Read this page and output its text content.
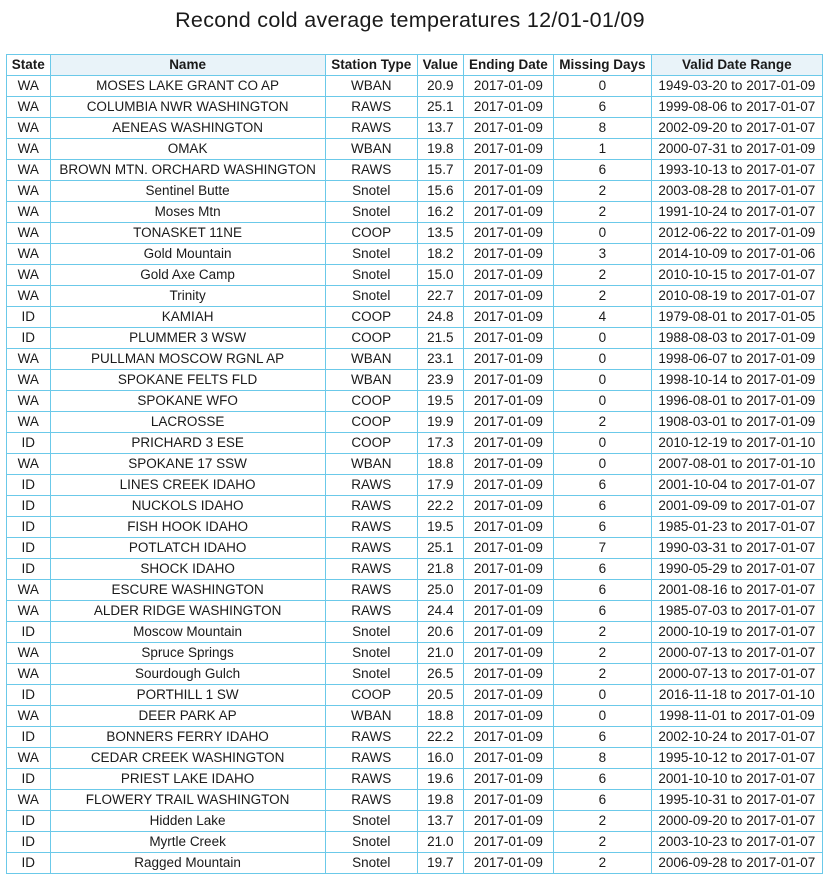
Recond cold average temperatures 12/01-01/09
State	Name	Station Type	Value	Ending Date	Missing Days	Valid Date Range
WA	MOSES LAKE GRANT CO AP	WBAN	20.9	2017-01-09	0	1949-03-20 to 2017-01-09
WA	COLUMBIA NWR WASHINGTON	RAWS	25.1	2017-01-09	6	1999-08-06 to 2017-01-07
WA	AENEAS WASHINGTON	RAWS	13.7	2017-01-09	8	2002-09-20 to 2017-01-07
WA	OMAK	WBAN	19.8	2017-01-09	1	2000-07-31 to 2017-01-09
WA	BROWN MTN. ORCHARD WASHINGTON	RAWS	15.7	2017-01-09	6	1993-10-13 to 2017-01-07
WA	Sentinel Butte	Snotel	15.6	2017-01-09	2	2003-08-28 to 2017-01-07
WA	Moses Mtn	Snotel	16.2	2017-01-09	2	1991-10-24 to 2017-01-07
WA	TONASKET 11NE	COOP	13.5	2017-01-09	0	2012-06-22 to 2017-01-09
WA	Gold Mountain	Snotel	18.2	2017-01-09	3	2014-10-09 to 2017-01-06
WA	Gold Axe Camp	Snotel	15.0	2017-01-09	2	2010-10-15 to 2017-01-07
WA	Trinity	Snotel	22.7	2017-01-09	2	2010-08-19 to 2017-01-07
ID	KAMIAH	COOP	24.8	2017-01-09	4	1979-08-01 to 2017-01-05
ID	PLUMMER 3 WSW	COOP	21.5	2017-01-09	0	1988-08-03 to 2017-01-09
WA	PULLMAN MOSCOW RGNL AP	WBAN	23.1	2017-01-09	0	1998-06-07 to 2017-01-09
WA	SPOKANE FELTS FLD	WBAN	23.9	2017-01-09	0	1998-10-14 to 2017-01-09
WA	SPOKANE WFO	COOP	19.5	2017-01-09	0	1996-08-01 to 2017-01-09
WA	LACROSSE	COOP	19.9	2017-01-09	2	1908-03-01 to 2017-01-09
ID	PRICHARD 3 ESE	COOP	17.3	2017-01-09	0	2010-12-19 to 2017-01-10
WA	SPOKANE 17 SSW	WBAN	18.8	2017-01-09	0	2007-08-01 to 2017-01-10
ID	LINES CREEK IDAHO	RAWS	17.9	2017-01-09	6	2001-10-04 to 2017-01-07
ID	NUCKOLS IDAHO	RAWS	22.2	2017-01-09	6	2001-09-09 to 2017-01-07
ID	FISH HOOK IDAHO	RAWS	19.5	2017-01-09	6	1985-01-23 to 2017-01-07
ID	POTLATCH IDAHO	RAWS	25.1	2017-01-09	7	1990-03-31 to 2017-01-07
ID	SHOCK IDAHO	RAWS	21.8	2017-01-09	6	1990-05-29 to 2017-01-07
WA	ESCURE WASHINGTON	RAWS	25.0	2017-01-09	6	2001-08-16 to 2017-01-07
WA	ALDER RIDGE WASHINGTON	RAWS	24.4	2017-01-09	6	1985-07-03 to 2017-01-07
ID	Moscow Mountain	Snotel	20.6	2017-01-09	2	2000-10-19 to 2017-01-07
WA	Spruce Springs	Snotel	21.0	2017-01-09	2	2000-07-13 to 2017-01-07
WA	Sourdough Gulch	Snotel	26.5	2017-01-09	2	2000-07-13 to 2017-01-07
ID	PORTHILL 1 SW	COOP	20.5	2017-01-09	0	2016-11-18 to 2017-01-10
WA	DEER PARK AP	WBAN	18.8	2017-01-09	0	1998-11-01 to 2017-01-09
ID	BONNERS FERRY IDAHO	RAWS	22.2	2017-01-09	6	2002-10-24 to 2017-01-07
WA	CEDAR CREEK WASHINGTON	RAWS	16.0	2017-01-09	8	1995-10-12 to 2017-01-07
ID	PRIEST LAKE IDAHO	RAWS	19.6	2017-01-09	6	2001-10-10 to 2017-01-07
WA	FLOWERY TRAIL WASHINGTON	RAWS	19.8	2017-01-09	6	1995-10-31 to 2017-01-07
ID	Hidden Lake	Snotel	13.7	2017-01-09	2	2000-09-20 to 2017-01-07
ID	Myrtle Creek	Snotel	21.0	2017-01-09	2	2003-10-23 to 2017-01-07
ID	Ragged Mountain	Snotel	19.7	2017-01-09	2	2006-09-28 to 2017-01-07
